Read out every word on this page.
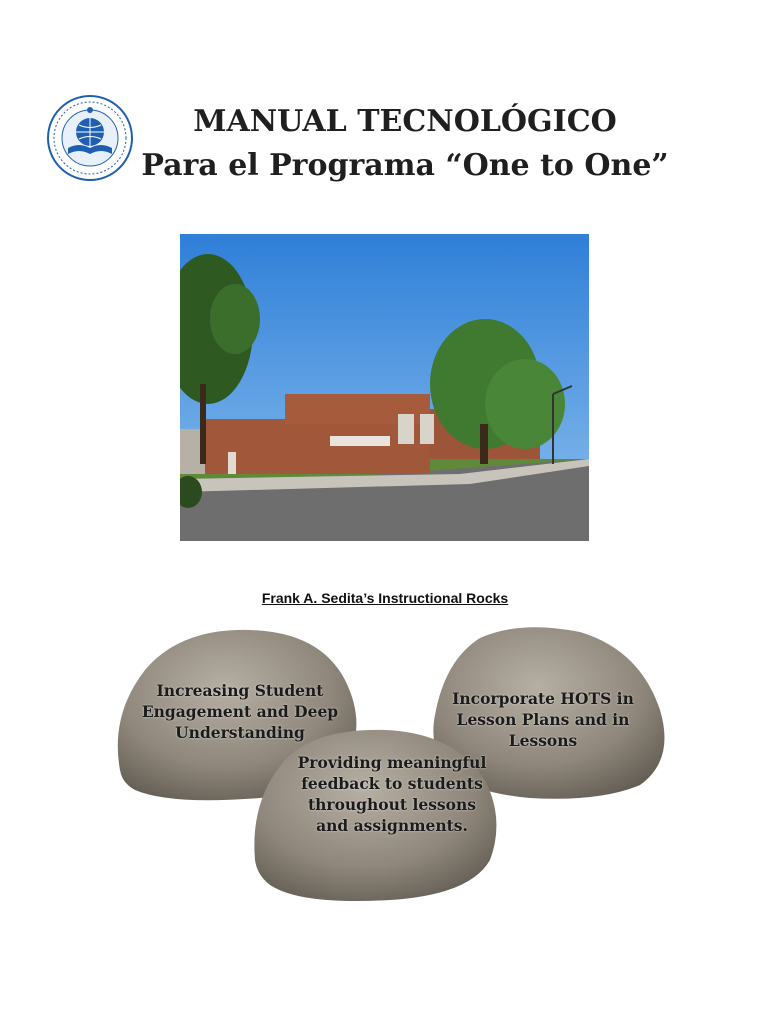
MANUAL TECNOLÓGICO
Para el Programa “One to One”
Frank A. Sedita’s Instructional Rocks
Increasing Student Engagement and Deep Understanding
Incorporate HOTS in Lesson Plans and in Lessons
Providing meaningful feedback to students throughout lessons and assignments.
